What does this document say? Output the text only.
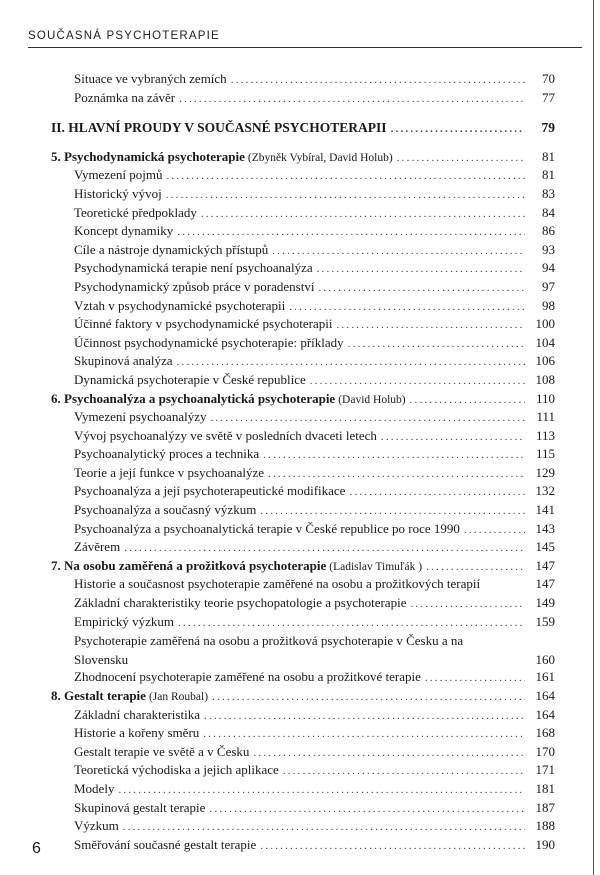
SOUČASNÁ PSYCHOTERAPIE
Situace ve vybraných zemích .....	70
Poznámka na závěr .....	77
II. HLAVNÍ PROUDY V SOUČASNÉ PSYCHOTERAPII .....	79
5. Psychodynamická psychoterapie (Zbyněk Vybíral, David Holub) .....	81
Vymezení pojmů .....	81
Historický vývoj .....	83
Teoretické předpoklady .....	84
Koncept dynamiky .....	86
Cíle a nástroje dynamických přístupů .....	93
Psychodynamická terapie není psychoanalýza .....	94
Psychodynamický způsob práce v poradenství .....	97
Vztah v psychodynamické psychoterapii .....	98
Účinné faktory v psychodynamické psychoterapii .....	100
Účinnost psychodynamické psychoterapie: příklady .....	104
Skupinová analýza .....	106
Dynamická psychoterapie v České republice .....	108
6. Psychoanalýza a psychoanalytická psychoterapie (David Holub) .....	110
Vymezení psychoanalýzy .....	111
Vývoj psychoanalýzy ve světě v posledních dvaceti letech .....	113
Psychoanalytický proces a technika .....	115
Teorie a její funkce v psychoanalýze .....	129
Psychoanalýza a její psychoterapeutické modifikace .....	132
Psychoanalýza a současný výzkum .....	141
Psychoanalýza a psychoanalytická terapie v České republice po roce 1990 .....	143
Závěrem .....	145
7. Na osobu zaměřená a prožitková psychoterapie (Ladislav Timuľák ) .....	147
Historie a současnost psychoterapie zaměřené na osobu a prožitkových terapií	147
Základní charakteristiky teorie psychopatologie a psychoterapie .....	149
Empirický výzkum .....	159
Psychoterapie zaměřená na osobu a prožitková psychoterapie v Česku a na Slovensku	160
Zhodnocení psychoterapie zaměřené na osobu a prožitkové terapie .....	161
8. Gestalt terapie (Jan Roubal) .....	164
Základní charakteristika .....	164
Historie a kořeny směru .....	168
Gestalt terapie ve světě a v Česku .....	170
Teoretická východiska a jejich aplikace .....	171
Modely .....	181
Skupinová gestalt terapie .....	187
Výzkum .....	188
Směřování současné gestalt terapie .....	190
6
